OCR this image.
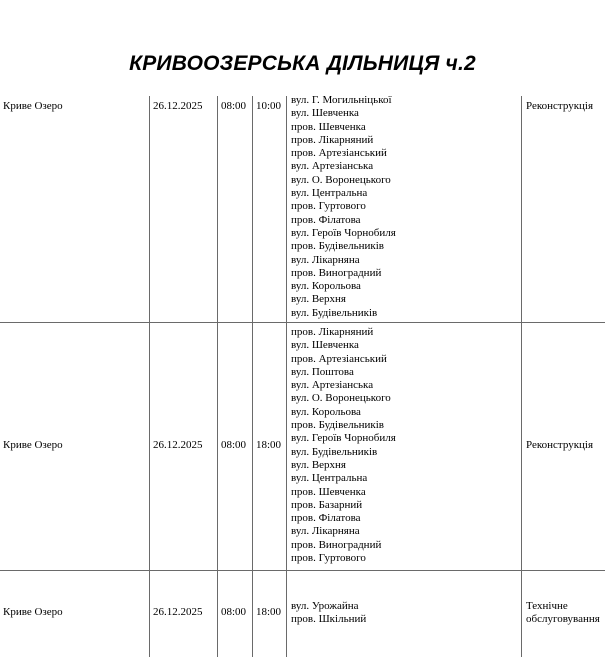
КРИВООЗЕРСЬКА ДІЛЬНИЦЯ ч.2
Криве Озеро	26.12.2025 08:00 10:00 вул. Г. Могильніцької
вул. Шевченка
пров. Шевченка
пров. Лікарняний
пров. Артезіанський
вул. Артезіанська
вул. О. Воронецького
вул. Центральна
пров. Гуртового
пров. Філатова
вул. Героїв Чорнобиля
пров. Будівельників
вул. Лікарняна
пров. Виноградний
вул. Корольова
вул. Верхня
вул. Будівельників
Реконструкція
Криве Озеро	26.12.2025 08:00 18:00
пров. Лікарняний
вул. Шевченка
пров. Артезіанський
вул. Поштова
вул. Артезіанська
вул. О. Воронецького
вул. Корольова
пров. Будівельників
вул. Героїв Чорнобиля
вул. Будівельників
вул. Верхня
вул. Центральна
пров. Шевченка
пров. Базарний
пров. Філатова
вул. Лікарняна
пров. Виноградний
пров. Гуртового
Реконструкція
Криве Озеро	26.12.2025 08:00 18:00 вул. Урожайна
пров. Шкільний
Технічне
обслуговування
